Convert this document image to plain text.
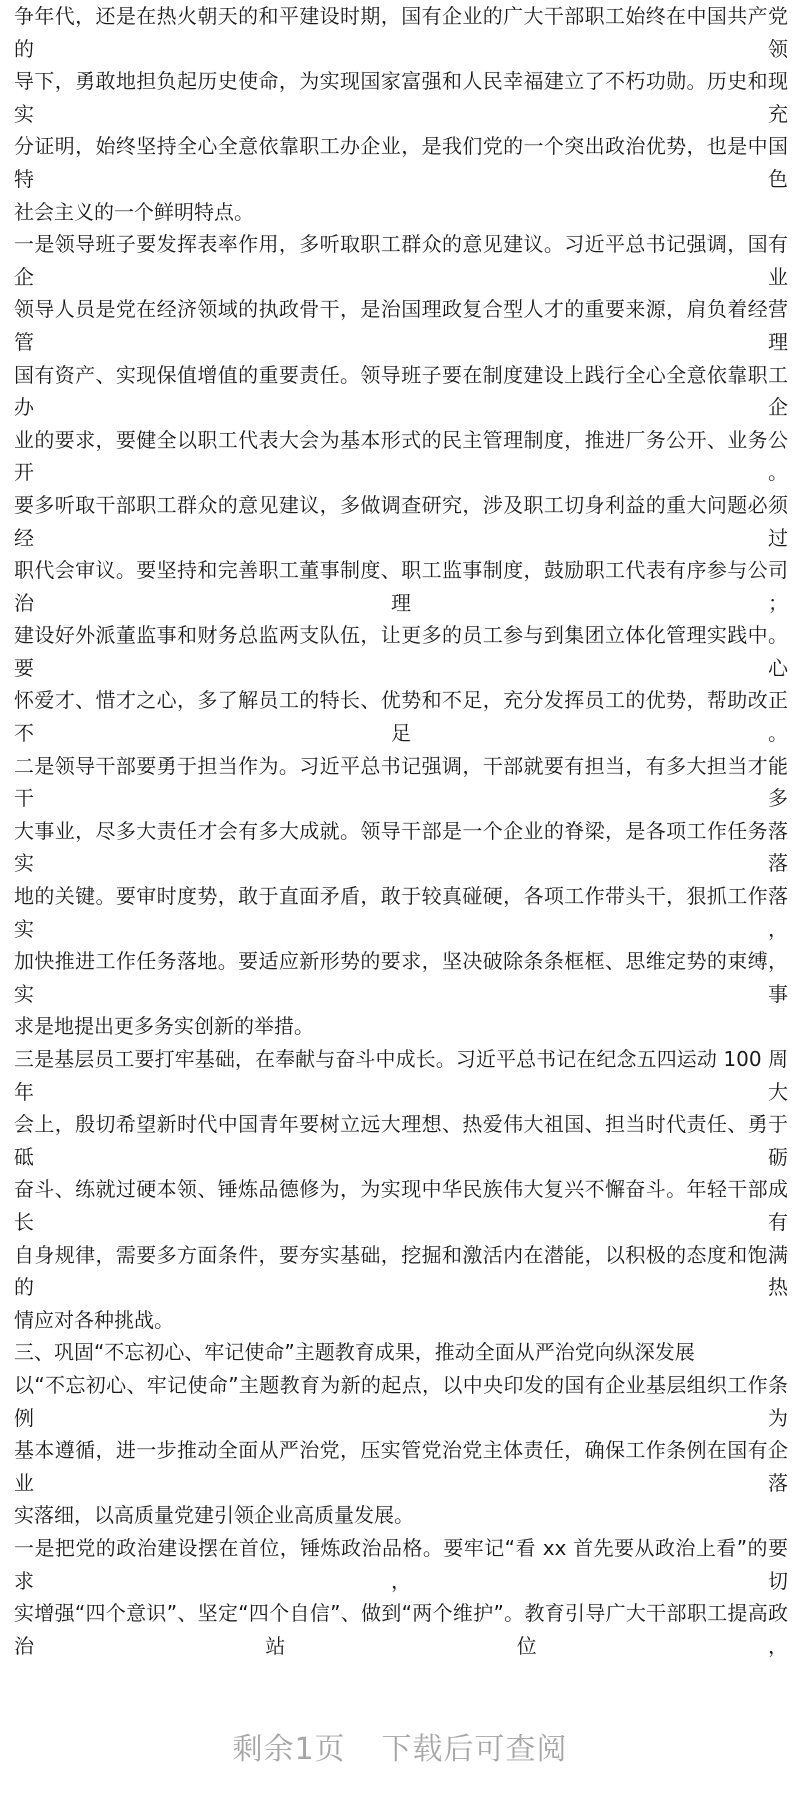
争年代，还是在热火朝天的和平建设时期，国有企业的广大干部职工始终在中国共产党的领
导下，勇敢地担负起历史使命，为实现国家富强和人民幸福建立了不朽功勋。历史和现实充
分证明，始终坚持全心全意依靠职工办企业，是我们党的一个突出政治优势，也是中国特色
社会主义的一个鲜明特点。
一是领导班子要发挥表率作用，多听取职工群众的意见建议。习近平总书记强调，国有企业
领导人员是党在经济领域的执政骨干，是治国理政复合型人才的重要来源，肩负着经营管理
国有资产、实现保值增值的重要责任。领导班子要在制度建设上践行全心全意依靠职工办企
业的要求，要健全以职工代表大会为基本形式的民主管理制度，推进厂务公开、业务公开。
要多听取干部职工群众的意见建议，多做调查研究，涉及职工切身利益的重大问题必须经过
职代会审议。要坚持和完善职工董事制度、职工监事制度，鼓励职工代表有序参与公司治理；
建设好外派董监事和财务总监两支队伍，让更多的员工参与到集团立体化管理实践中。要心
怀爱才、惜才之心，多了解员工的特长、优势和不足，充分发挥员工的优势，帮助改正不足。
二是领导干部要勇于担当作为。习近平总书记强调，干部就要有担当，有多大担当才能干多
大事业，尽多大责任才会有多大成就。领导干部是一个企业的脊梁，是各项工作任务落实落
地的关键。要审时度势，敢于直面矛盾，敢于较真碰硬，各项工作带头干，狠抓工作落实，
加快推进工作任务落地。要适应新形势的要求，坚决破除条条框框、思维定势的束缚，实事
求是地提出更多务实创新的举措。
三是基层员工要打牢基础，在奉献与奋斗中成长。习近平总书记在纪念五四运动 100 周年大
会上，殷切希望新时代中国青年要树立远大理想、热爱伟大祖国、担当时代责任、勇于砥砺
奋斗、练就过硬本领、锤炼品德修为，为实现中华民族伟大复兴不懈奋斗。年轻干部成长有
自身规律，需要多方面条件，要夯实基础，挖掘和激活内在潜能，以积极的态度和饱满的热
情应对各种挑战。
三、巩固“不忘初心、牢记使命”主题教育成果，推动全面从严治党向纵深发展
以“不忘初心、牢记使命”主题教育为新的起点，以中央印发的国有企业基层组织工作条例为
基本遵循，进一步推动全面从严治党，压实管党治党主体责任，确保工作条例在国有企业落
实落细，以高质量党建引领企业高质量发展。
一是把党的政治建设摆在首位，锤炼政治品格。要牢记“看 xx 首先要从政治上看”的要求，切
实增强“四个意识”、坚定“四个自信”、做到“两个维护”。教育引导广大干部职工提高政治站位，
剩余1页 下载后可查阅
